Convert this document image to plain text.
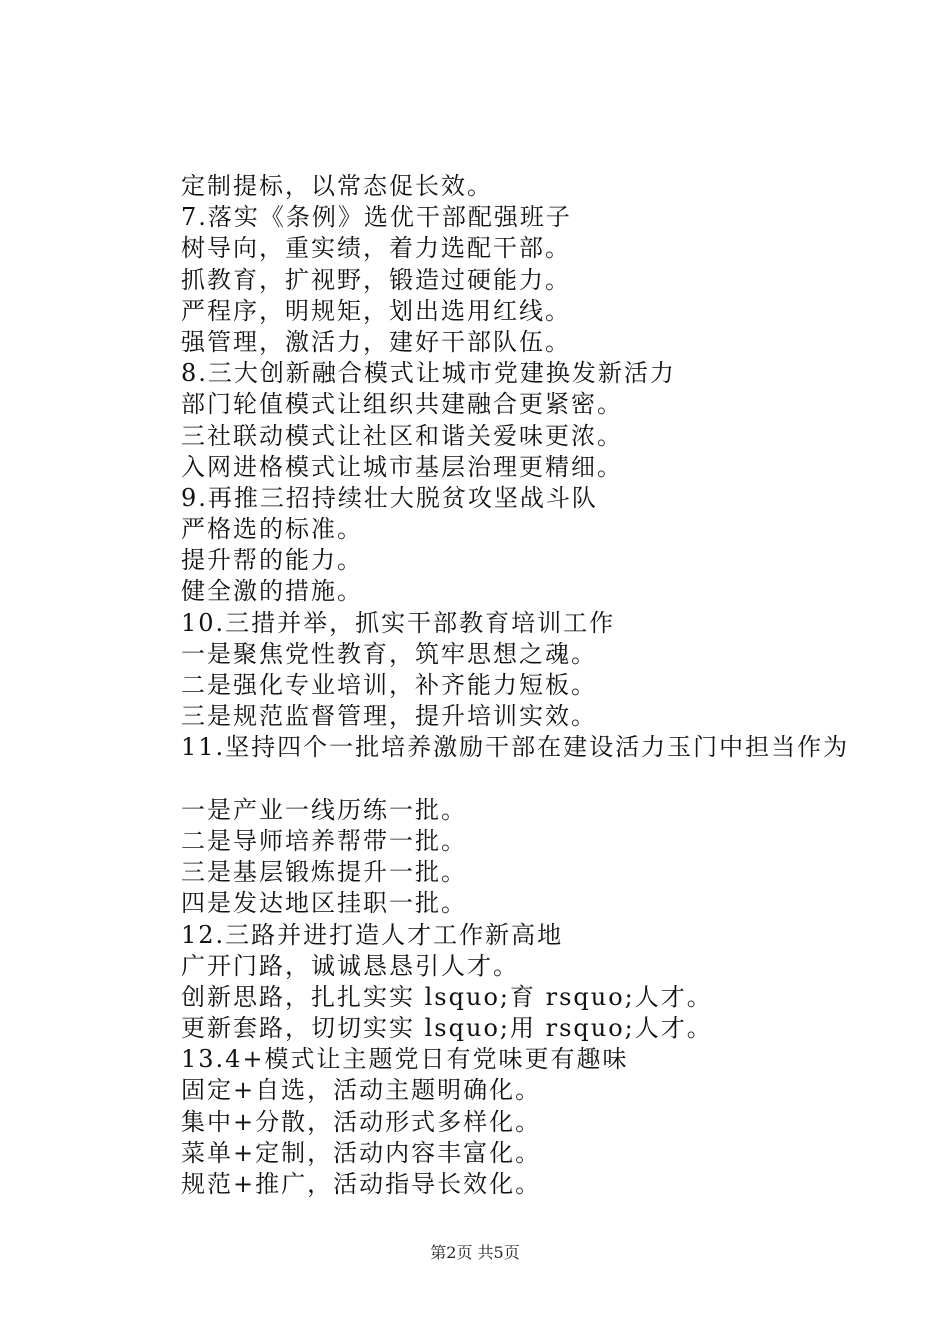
定制提标，以常态促长效。
7.落实《条例》选优干部配强班子
树导向，重实绩，着力选配干部。
抓教育，扩视野，锻造过硬能力。
严程序，明规矩，划出选用红线。
强管理，激活力，建好干部队伍。
8.三大创新融合模式让城市党建换发新活力
部门轮值模式让组织共建融合更紧密。
三社联动模式让社区和谐关爱味更浓。
入网进格模式让城市基层治理更精细。
9.再推三招持续壮大脱贫攻坚战斗队
严格选的标准。
提升帮的能力。
健全激的措施。
10.三措并举，抓实干部教育培训工作
一是聚焦党性教育，筑牢思想之魂。
二是强化专业培训，补齐能力短板。
三是规范监督管理，提升培训实效。
11.坚持四个一批培养激励干部在建设活力玉门中担当作为
一是产业一线历练一批。
二是导师培养帮带一批。
三是基层锻炼提升一批。
四是发达地区挂职一批。
12.三路并进打造人才工作新高地
广开门路，诚诚恳恳引人才。
创新思路，扎扎实实 lsquo;育 rsquo;人才。
更新套路，切切实实 lsquo;用 rsquo;人才。
13.4+模式让主题党日有党味更有趣味
固定+自选，活动主题明确化。
集中+分散，活动形式多样化。
菜单+定制，活动内容丰富化。
规范+推广，活动指导长效化。
第2页 共5页
